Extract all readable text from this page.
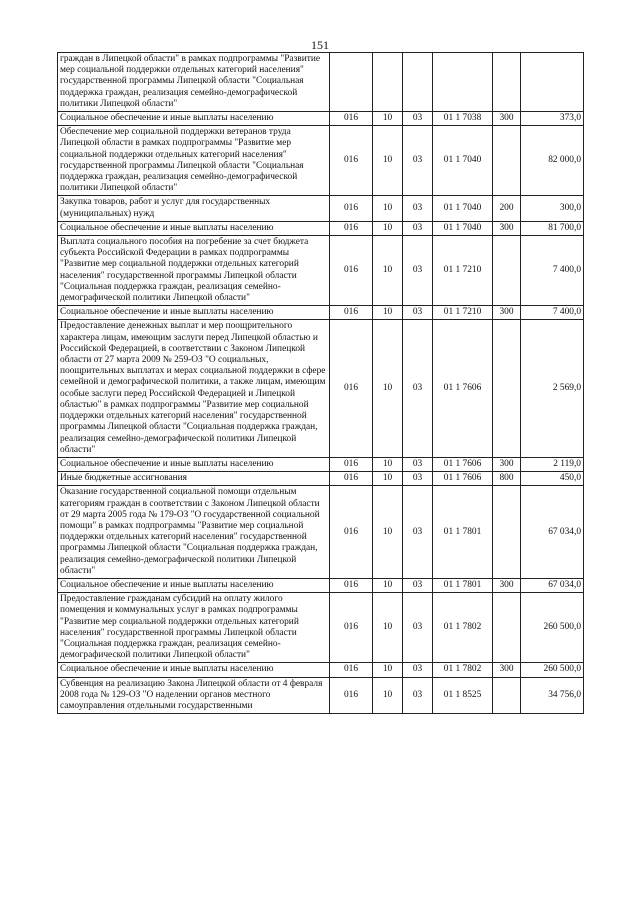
151
граждан в Липецкой области" в рамках подпрограммы "Развитие мер социальной поддержки отдельных категорий населения" государственной программы Липецкой области "Социальная поддержка граждан, реализация семейно-демографической политики Липецкой области"						
Социальное обеспечение и иные выплаты населению	016	10	03	01 1 7038	300	373,0
Обеспечение мер социальной поддержки ветеранов труда Липецкой области в рамках подпрограммы "Развитие мер социальной поддержки отдельных категорий населения" государственной программы Липецкой области "Социальная поддержка граждан, реализация семейно-демографической политики Липецкой области"	016	10	03	01 1 7040		82 000,0
Закупка товаров, работ и услуг для государственных (муниципальных) нужд	016	10	03	01 1 7040	200	300,0
Социальное обеспечение и иные выплаты населению	016	10	03	01 1 7040	300	81 700,0
Выплата социального пособия на погребение за счет бюджета субъекта Российской Федерации в рамках подпрограммы "Развитие мер социальной поддержки отдельных категорий населения" государственной программы Липецкой области "Социальная поддержка граждан, реализация семейно-демографической политики Липецкой области"	016	10	03	01 1 7210		7 400,0
Социальное обеспечение и иные выплаты населению	016	10	03	01 1 7210	300	7 400,0
Предоставление денежных выплат и мер поощрительного характера лицам, имеющим заслуги перед Липецкой областью и Российской Федерацией, в соответствии с Законом Липецкой области от 27 марта 2009 № 259-ОЗ "О социальных, поощрительных выплатах и мерах социальной поддержки в сфере семейной и демографической политики, а также лицам, имеющим особые заслуги перед Российской Федерацией и Липецкой областью" в рамках подпрограммы "Развитие мер социальной поддержки отдельных категорий населения" государственной программы Липецкой области "Социальная поддержка граждан, реализация семейно-демографической политики Липецкой области"	016	10	03	01 1 7606		2 569,0
Социальное обеспечение и иные выплаты населению	016	10	03	01 1 7606	300	2 119,0
Иные бюджетные ассигнования	016	10	03	01 1 7606	800	450,0
Оказание государственной социальной помощи отдельным категориям граждан в соответствии с Законом Липецкой области от 29 марта 2005 года № 179-ОЗ "О государственной социальной помощи" в рамках подпрограммы "Развитие мер социальной поддержки отдельных категорий населения" государственной программы Липецкой области "Социальная поддержка граждан, реализация семейно-демографической политики Липецкой области"	016	10	03	01 1 7801		67 034,0
Социальное обеспечение и иные выплаты населению	016	10	03	01 1 7801	300	67 034,0
Предоставление гражданам субсидий на оплату жилого помещения и коммунальных услуг в рамках подпрограммы "Развитие мер социальной поддержки отдельных категорий населения" государственной программы Липецкой области "Социальная поддержка граждан, реализация семейно-демографической политики Липецкой области"	016	10	03	01 1 7802		260 500,0
Социальное обеспечение и иные выплаты населению	016	10	03	01 1 7802	300	260 500,0
Субвенция на реализацию Закона Липецкой области от 4 февраля 2008 года № 129-ОЗ "О наделении органов местного самоуправления отдельными государственными	016	10	03	01 1 8525		34 756,0
